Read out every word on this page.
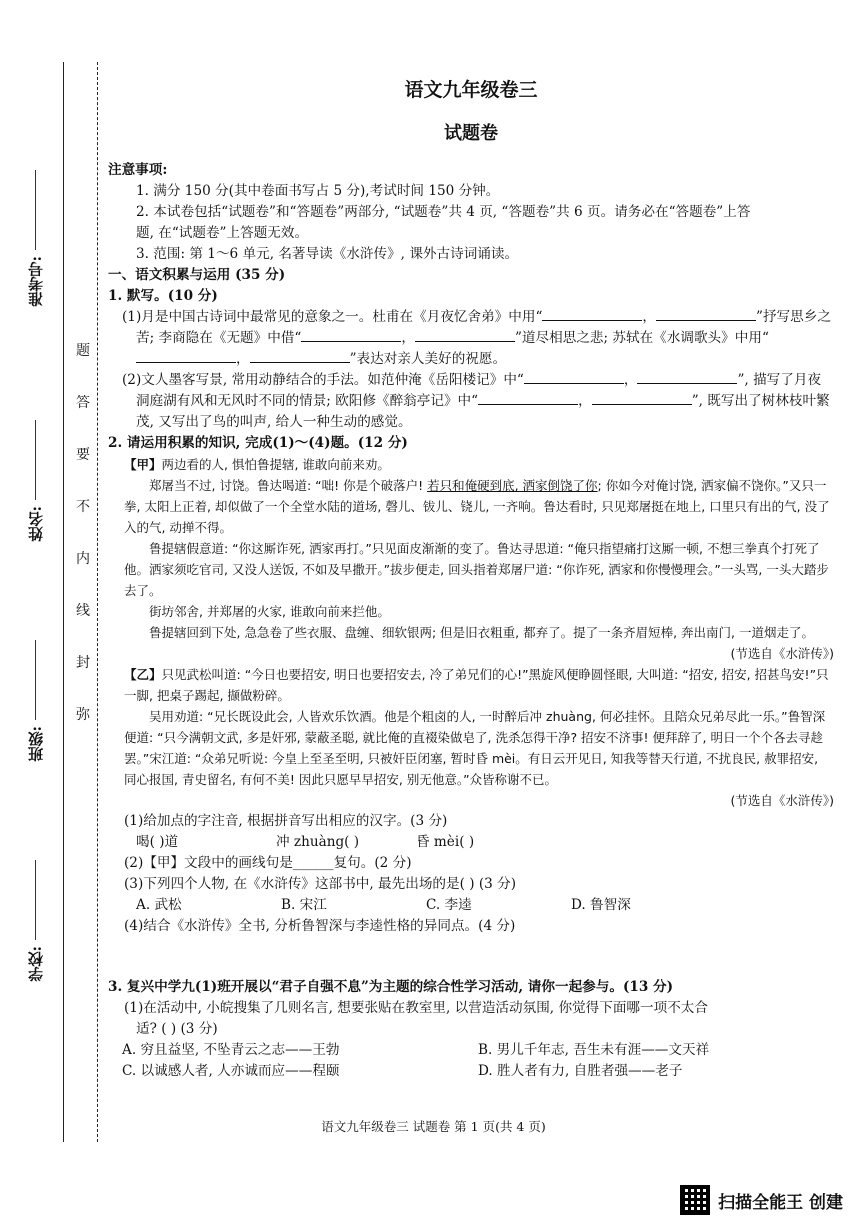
准考号:
姓名:
班级:
学校:
题
答
要
不
内
线
封
弥
语文九年级卷三
试题卷

注意事项:

1. 满分 150 分(其中卷面书写占 5 分),考试时间 150 分钟。

2. 本试卷包括“试题卷”和“答题卷”两部分, “试题卷”共 4 页, “答题卷”共 6 页。请务必在“答题卷”上答

题, 在“试题卷”上答题无效。

3. 范围: 第 1～6 单元, 名著导读《水浒传》, 课外古诗词诵读。

一、语文积累与运用 (35 分)

1. 默写。(10 分)

(1)月是中国古诗词中最常见的意象之一。杜甫在《月夜忆舍弟》中用“	，	”抒写思乡之苦; 李商隐在《无题》中借“	，	”道尽相思之悲; 苏轼在《水调歌头》中用“，	”表达对亲人美好的祝愿。

(2)文人墨客写景, 常用动静结合的手法。如范仲淹《岳阳楼记》中“	，	”, 描写了月夜洞庭湖有风和无风时不同的情景; 欧阳修《醉翁亭记》中“	，	”, 既写出了树林枝叶繁茂, 又写出了鸟的叫声, 给人一种生动的感觉。

2. 请运用积累的知识, 完成(1)～(4)题。(12 分)

【甲】两边看的人, 惧怕鲁提辖, 谁敢向前来劝。

郑屠当不过, 讨饶。鲁达喝道: “咄! 你是个破落户! 若只和俺硬到底, 洒家倒饶了你; 你如今对俺讨饶, 洒家偏不饶你。”又只一拳, 太阳上正着, 却似做了一个全堂水陆的道场, 磬儿、钹儿、铙儿, 一齐响。鲁达看时, 只见郑屠挺在地上, 口里只有出的气, 没了入的气, 动掸不得。

鲁提辖假意道: “你这厮诈死, 洒家再打。”只见面皮渐渐的变了。鲁达寻思道: “俺只指望痛打这厮一顿, 不想三拳真个打死了他。洒家须吃官司, 又没人送饭, 不如及早撒开。”拔步便走, 回头指着郑屠尸道: “你诈死, 洒家和你慢慢理会。”一头骂, 一头大踏步去了。

街坊邻舍, 并郑屠的火家, 谁敢向前来拦他。

鲁提辖回到下处, 急急卷了些衣服、盘缠、细软银两; 但是旧衣粗重, 都弃了。提了一条齐眉短棒, 奔出南门, 一道烟走了。

(节选自《水浒传》)

【乙】只见武松叫道: “今日也要招安, 明日也要招安去, 冷了弟兄们的心!”黑旋风便睁圆怪眼, 大叫道: “招安, 招安, 招甚鸟安!”只一脚, 把桌子踢起, 撷做粉碎。

吴用劝道: “兄长既设此会, 人皆欢乐饮酒。他是个粗卤的人, 一时醉后冲 zhuàng, 何必挂怀。且陪众兄弟尽此一乐。”鲁智深便道: “只今满朝文武, 多是奸邪, 蒙蔽圣聪, 就比俺的直裰染做皂了, 洗杀怎得干净? 招安不济事! 便拜辞了, 明日一个个各去寻趁罢。”宋江道: “众弟兄听说: 今皇上至圣至明, 只被奸臣闭塞, 暂时昏 mèi。有日云开见日, 知我等替天行道, 不扰良民, 赦罪招安, 同心报国, 青史留名, 有何不美! 因此只愿早早招安, 别无他意。”众皆称谢不已。

(节选自《水浒传》)

(1)给加点的字注音, 根据拼音写出相应的汉字。(3 分)

喝( )道	冲 zhuàng( )	昏 mèi( )

(2)【甲】文段中的画线句是______复句。(2 分)

(3)下列四个人物, 在《水浒传》这部书中, 最先出场的是( ) (3 分)

A. 武松	B. 宋江	C. 李逵	D. 鲁智深

(4)结合《水浒传》全书, 分析鲁智深与李逵性格的异同点。(4 分)

3. 复兴中学九(1)班开展以“君子自强不息”为主题的综合性学习活动, 请你一起参与。(13 分)

(1)在活动中, 小皖搜集了几则名言, 想要张贴在教室里, 以营造活动氛围, 你觉得下面哪一项不太合

适? ( ) (3 分)

A. 穷且益坚, 不坠青云之志——王勃	B. 男儿千年志, 吾生未有涯——文天祥
C. 以诚感人者, 人亦诚而应——程颐	D. 胜人者有力, 自胜者强——老子
语文九年级卷三 试题卷 第 1 页(共 4 页)
扫描全能王 创建
